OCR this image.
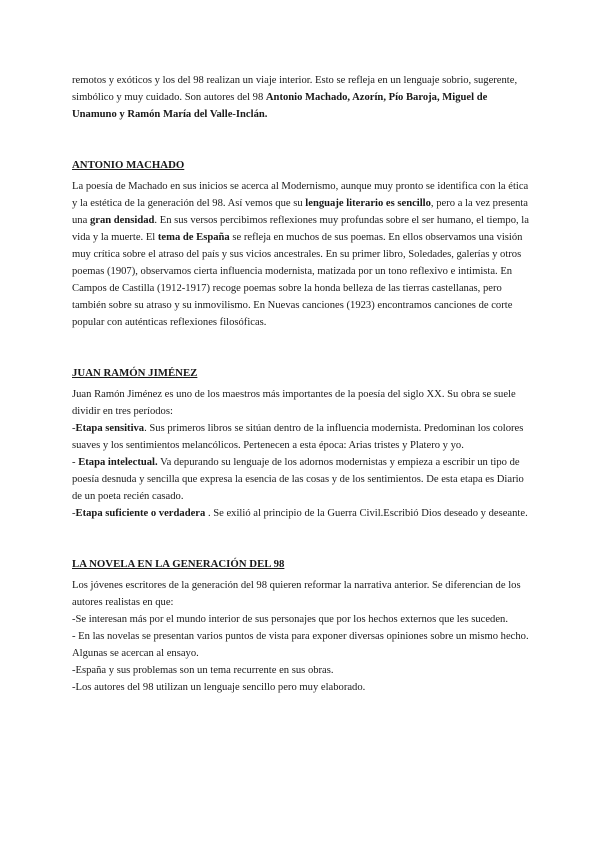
remotos y exóticos y los del 98 realizan un viaje interior. Esto se refleja en un lenguaje sobrio, sugerente, simbólico y muy cuidado. Son autores del 98 Antonio Machado, Azorín, Pío Baroja, Miguel de Unamuno y Ramón María del Valle-Inclán.

ANTONIO MACHADO

La poesía de Machado en sus inicios se acerca al Modernismo, aunque muy pronto se identifica con la ética y la estética de la generación del 98. Así vemos que su lenguaje literario es sencillo, pero a la vez presenta una gran densidad. En sus versos percibimos reflexiones muy profundas sobre el ser humano, el tiempo, la vida y la muerte. El tema de España se refleja en muchos de sus poemas. En ellos observamos una visión muy crítica sobre el atraso del país y sus vicios ancestrales. En su primer libro, Soledades, galerías y otros poemas (1907), observamos cierta influencia modernista, matizada por un tono reflexivo e intimista. En Campos de Castilla (1912-1917) recoge poemas sobre la honda belleza de las tierras castellanas, pero también sobre su atraso y su inmovilismo. En Nuevas canciones (1923) encontramos canciones de corte popular con auténticas reflexiones filosóficas.

JUAN RAMÓN JIMÉNEZ

Juan Ramón Jiménez es uno de los maestros más importantes de la poesía del siglo XX. Su obra se suele dividir en tres períodos:

-Etapa sensitiva. Sus primeros libros se sitúan dentro de la influencia modernista. Predominan los colores suaves y los sentimientos melancólicos. Pertenecen a esta época: Arias tristes y Platero y yo.

- Etapa intelectual. Va depurando su lenguaje de los adornos modernistas y empieza a escribir un tipo de poesía desnuda y sencilla que expresa la esencia de las cosas y de los sentimientos. De esta etapa es Diario de un poeta recién casado.

-Etapa suficiente o verdadera . Se exilió al principio de la Guerra Civil.Escribió Dios deseado y deseante.

LA NOVELA EN LA GENERACIÓN DEL 98

Los jóvenes escritores de la generación del 98 quieren reformar la narrativa anterior. Se diferencian de los autores realistas en que:

-Se interesan más por el mundo interior de sus personajes que por los hechos externos que les suceden.

- En las novelas se presentan varios puntos de vista para exponer diversas opiniones sobre un mismo hecho. Algunas se acercan al ensayo.

-España y sus problemas son un tema recurrente en sus obras.

-Los autores del 98 utilizan un lenguaje sencillo pero muy elaborado.
